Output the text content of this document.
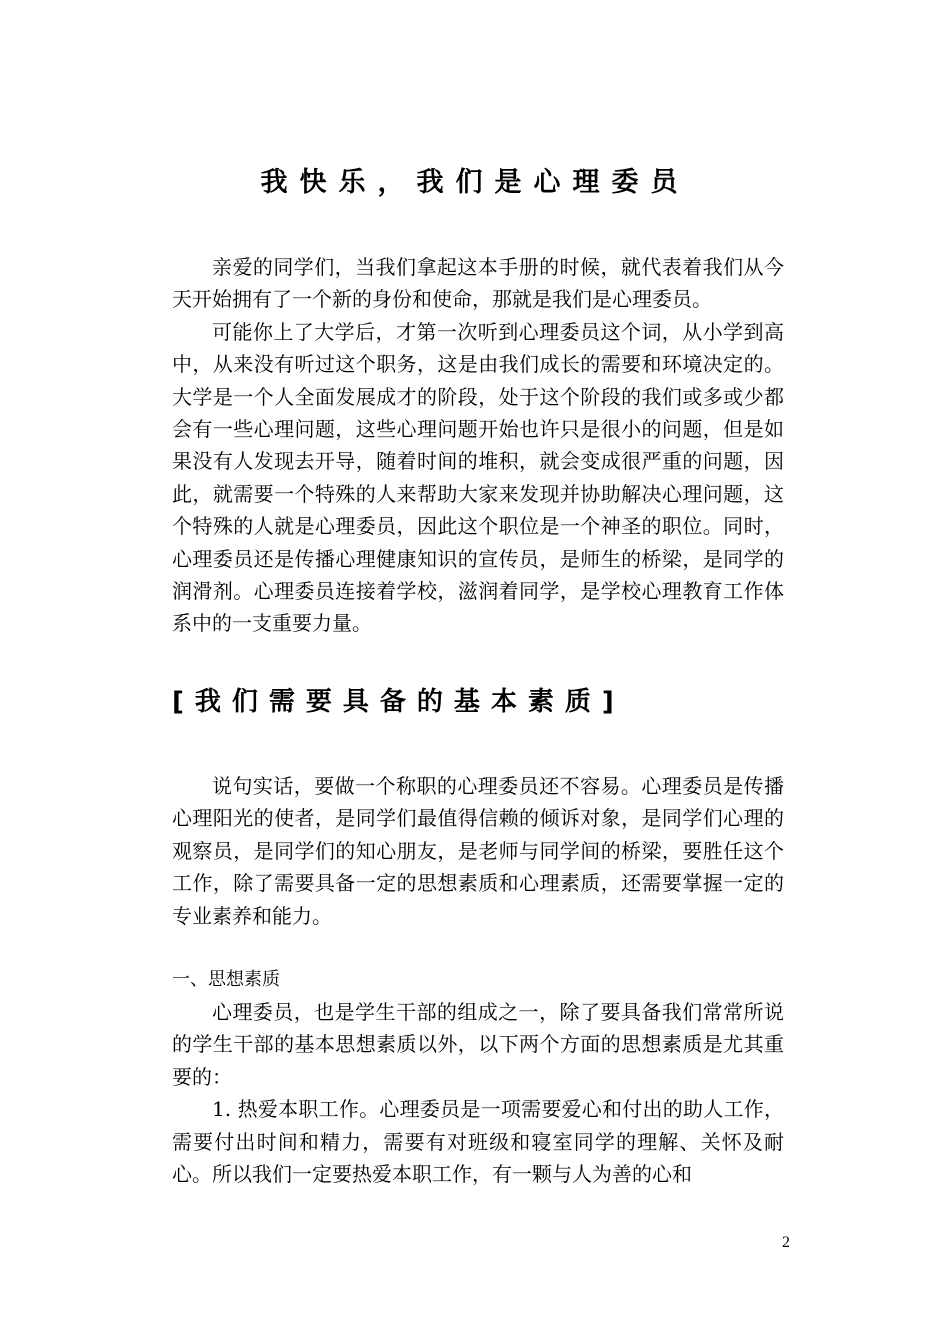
我快乐，我们是心理委员

亲爱的同学们，当我们拿起这本手册的时候，就代表着我们从今天开始拥有了一个新的身份和使命，那就是我们是心理委员。

可能你上了大学后，才第一次听到心理委员这个词，从小学到高中，从来没有听过这个职务，这是由我们成长的需要和环境决定的。大学是一个人全面发展成才的阶段，处于这个阶段的我们或多或少都会有一些心理问题，这些心理问题开始也许只是很小的问题，但是如果没有人发现去开导，随着时间的堆积，就会变成很严重的问题，因此，就需要一个特殊的人来帮助大家来发现并协助解决心理问题，这个特殊的人就是心理委员，因此这个职位是一个神圣的职位。同时，心理委员还是传播心理健康知识的宣传员，是师生的桥梁，是同学的润滑剂。心理委员连接着学校，滋润着同学，是学校心理教育工作体系中的一支重要力量。

[我们需要具备的基本素质]

说句实话，要做一个称职的心理委员还不容易。心理委员是传播心理阳光的使者，是同学们最值得信赖的倾诉对象，是同学们心理的观察员，是同学们的知心朋友，是老师与同学间的桥梁，要胜任这个工作，除了需要具备一定的思想素质和心理素质，还需要掌握一定的专业素养和能力。

一、思想素质

心理委员，也是学生干部的组成之一，除了要具备我们常常所说的学生干部的基本思想素质以外，以下两个方面的思想素质是尤其重要的：

1. 热爱本职工作。心理委员是一项需要爱心和付出的助人工作，需要付出时间和精力，需要有对班级和寝室同学的理解、关怀及耐心。所以我们一定要热爱本职工作，有一颗与人为善的心和

2
